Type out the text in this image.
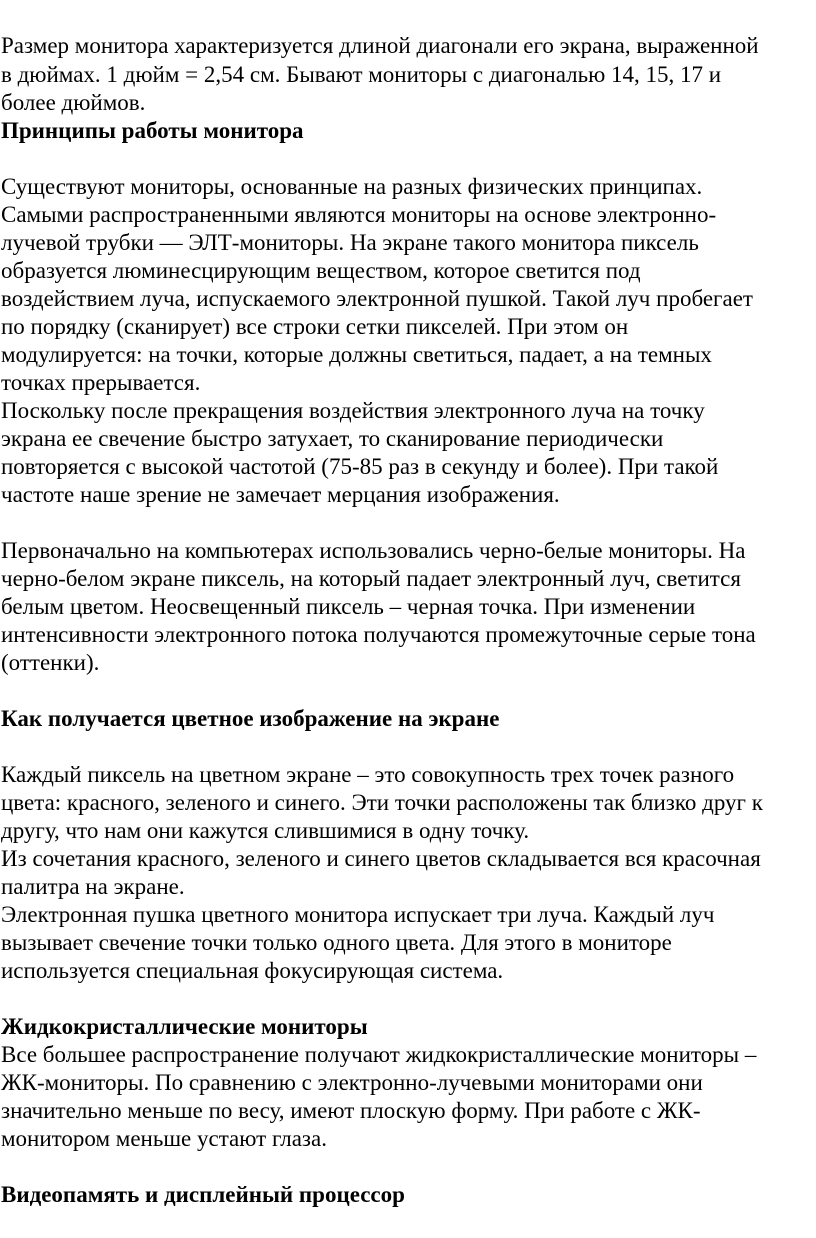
Размер монитора характеризуется длиной диагонали его экрана, выраженной
в дюймах. 1 дюйм = 2,54 см. Бывают мониторы с диагональю 14, 15, 17 и
более дюймов.
Принципы работы монитора
Существуют мониторы, основанные на разных физических принципах.
Самыми распространенными являются мониторы на основе электронно-
лучевой трубки — ЭЛТ-мониторы. На экране такого монитора пиксель
образуется люминесцирующим веществом, которое светится под
воздействием луча, испускаемого электронной пушкой. Такой луч пробегает
по порядку (сканирует) все строки сетки пикселей. При этом он
модулируется: на точки, которые должны светиться, падает, а на темных
точках прерывается.
Поскольку после прекращения воздействия электронного луча на точку
экрана ее свечение быстро затухает, то сканирование периодически
повторяется с высокой частотой (75-85 раз в секунду и более). При такой
частоте наше зрение не замечает мерцания изображения.
Первоначально на компьютерах использовались черно-белые мониторы. На
черно-белом экране пиксель, на который падает электронный луч, светится
белым цветом. Неосвещенный пиксель – черная точка. При изменении
интенсивности электронного потока получаются промежуточные серые тона
(оттенки).
Как получается цветное изображение на экране
Каждый пиксель на цветном экране – это совокупность трех точек разного
цвета: красного, зеленого и синего. Эти точки расположены так близко друг к
другу, что нам они кажутся слившимися в одну точку.
Из сочетания красного, зеленого и синего цветов складывается вся красочная
палитра на экране.
Электронная пушка цветного монитора испускает три луча. Каждый луч
вызывает свечение точки только одного цвета. Для этого в мониторе
используется специальная фокусирующая система.
Жидкокристаллические мониторы
Все большее распространение получают жидкокристаллические мониторы –
ЖК-мониторы. По сравнению с электронно-лучевыми мониторами они
значительно меньше по весу, имеют плоскую форму. При работе с ЖК-
монитором меньше устают глаза.
Видеопамять и дисплейный процессор
